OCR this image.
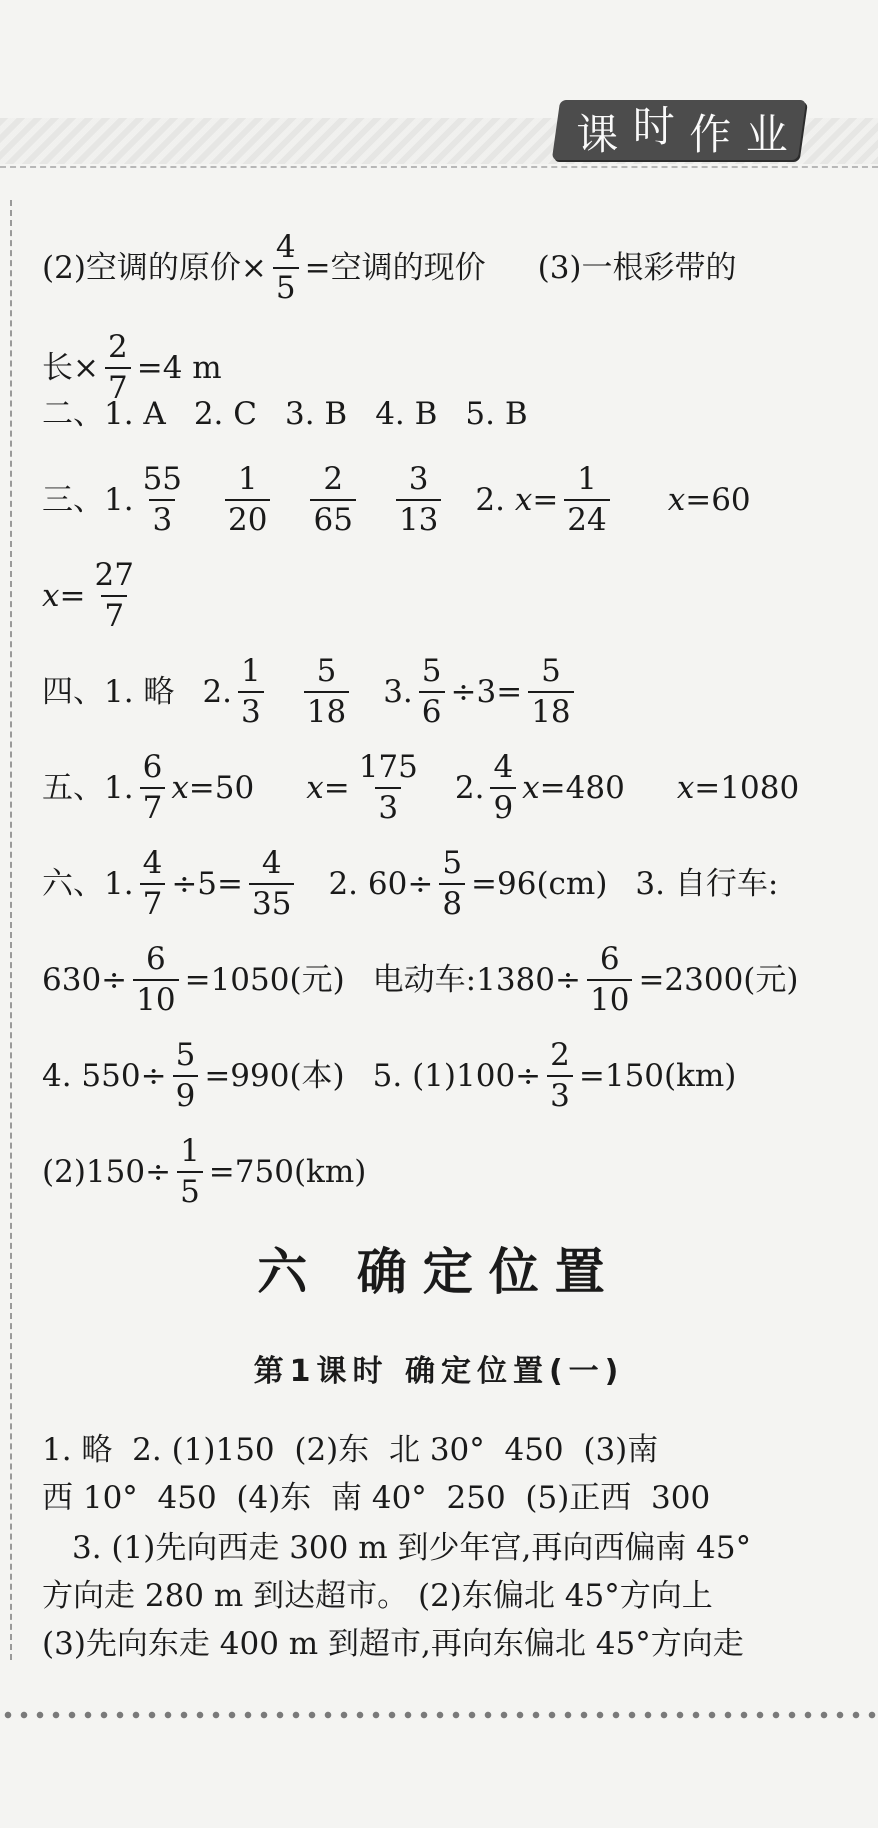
课 时 作 业
(2)空调的原价× $\frac{4}{5}$ =空调的现价 (3)一根彩带的
长× $\frac{2}{7} =4$ m
二、1. A 2. C 3. B 4. B 5. B
三、1. $\frac{55}{3} \frac{1}{20} \frac{2}{65} \frac{3}{13} 2$.
$x = \frac{1}{24}$ x =60
$x = \frac{27}{7}$
四、1. 略 2. $\frac{1}{3} \frac{5}{18} 3$. $\frac{5}{6} \div 3= \frac{5}{18}$
五、1. $\frac{6}{7}$ x =50 $x = \frac{175}{3} 2$. $\frac{4}{9}$ x =480 x =1080
六、1. $\frac{4}{7} \div 5= \frac{4}{35} 2$. $60\div \frac{5}{8} =96(cm)$ 3. 自行车:
$630\div \frac{6}{10} =1050$(元) 电动车:1380÷ $\frac{6}{10} =2300$(元)
4. $550\div \frac{5}{9} =990$(本) 5. $(1)100\div \frac{2}{3} =150(km)$
$(2)150\div \frac{1}{5} =750(km)$
六 确定位置
第1课时 确定位置(一)
1. 略  2. (1)150  (2)东  北 30°  450  (3)南
西 10°  450  (4)东  南 40°  250  (5)正西  300
3. (1)先向西走 300 m 到少年宫,再向西偏南 45°
方向走 280 m 到达超市。 (2)东偏北 45°方向上
(3)先向东走 400 m 到超市,再向东偏北 45°方向走
